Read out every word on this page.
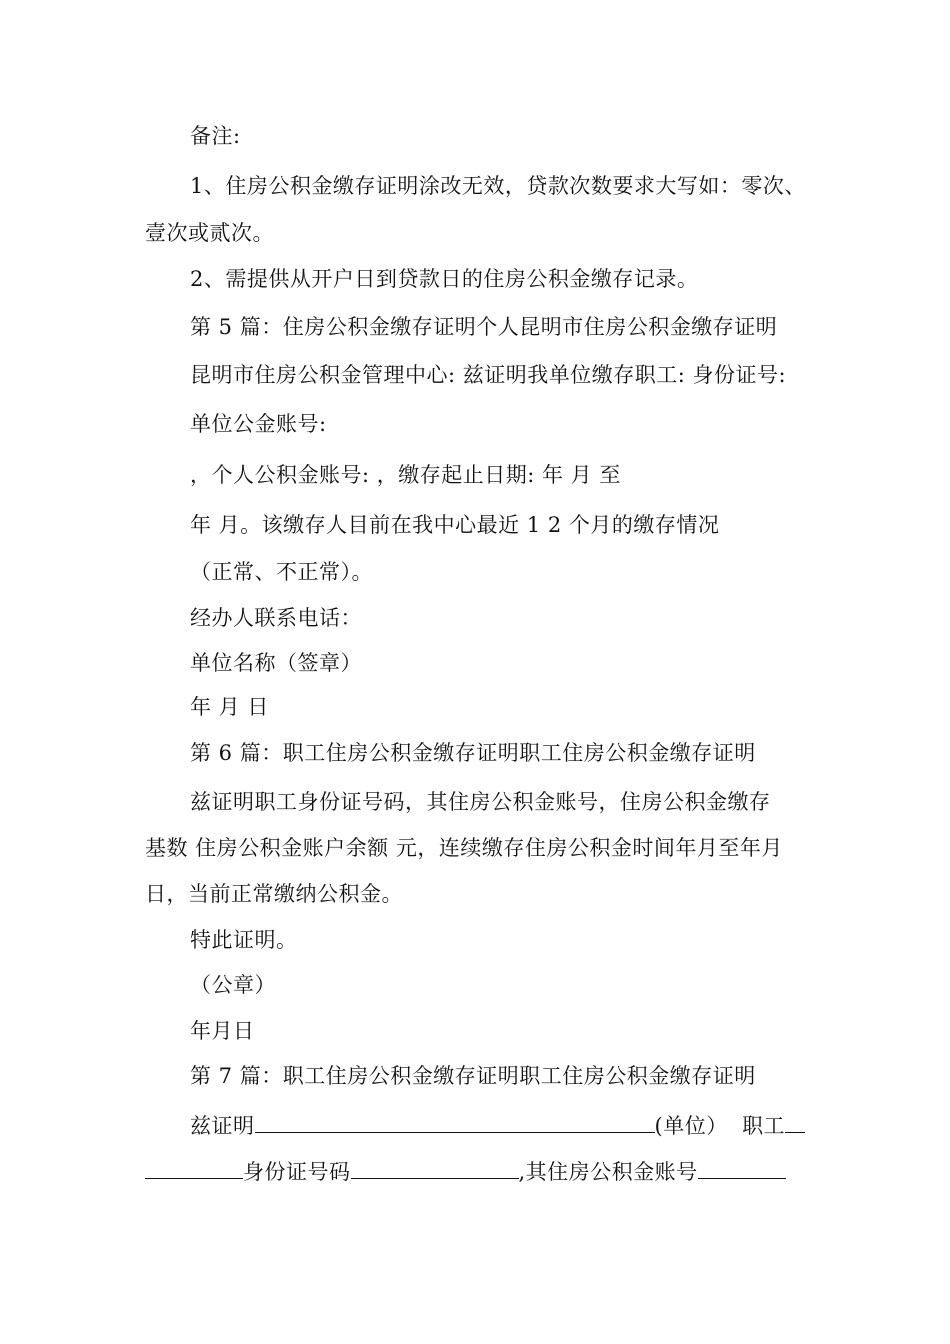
备注:
1、住房公积金缴存证明涂改无效，贷款次数要求大写如：零次、
壹次或贰次。
2、需提供从开户日到贷款日的住房公积金缴存记录。
第 5 篇：住房公积金缴存证明个人昆明市住房公积金缴存证明
昆明市住房公积金管理中心: 兹证明我单位缴存职工: 身份证号:
单位公金账号:
，个人公积金账号: ，缴存起止日期: 年 月 至
年 月。该缴存人目前在我中心最近 1 2 个月的缴存情况
（正常、不正常）。
经办人联系电话：
单位名称（签章）
年 月 日
第 6 篇：职工住房公积金缴存证明职工住房公积金缴存证明
兹证明职工身份证号码，其住房公积金账号，住房公积金缴存
基数 住房公积金账户余额 元，连续缴存住房公积金时间年月至年月
日，当前正常缴纳公积金。
特此证明。
（公章）
年月日
第 7 篇：职工住房公积金缴存证明职工住房公积金缴存证明
兹证明	(单位） 职工
身份证号码	,其住房公积金账号
